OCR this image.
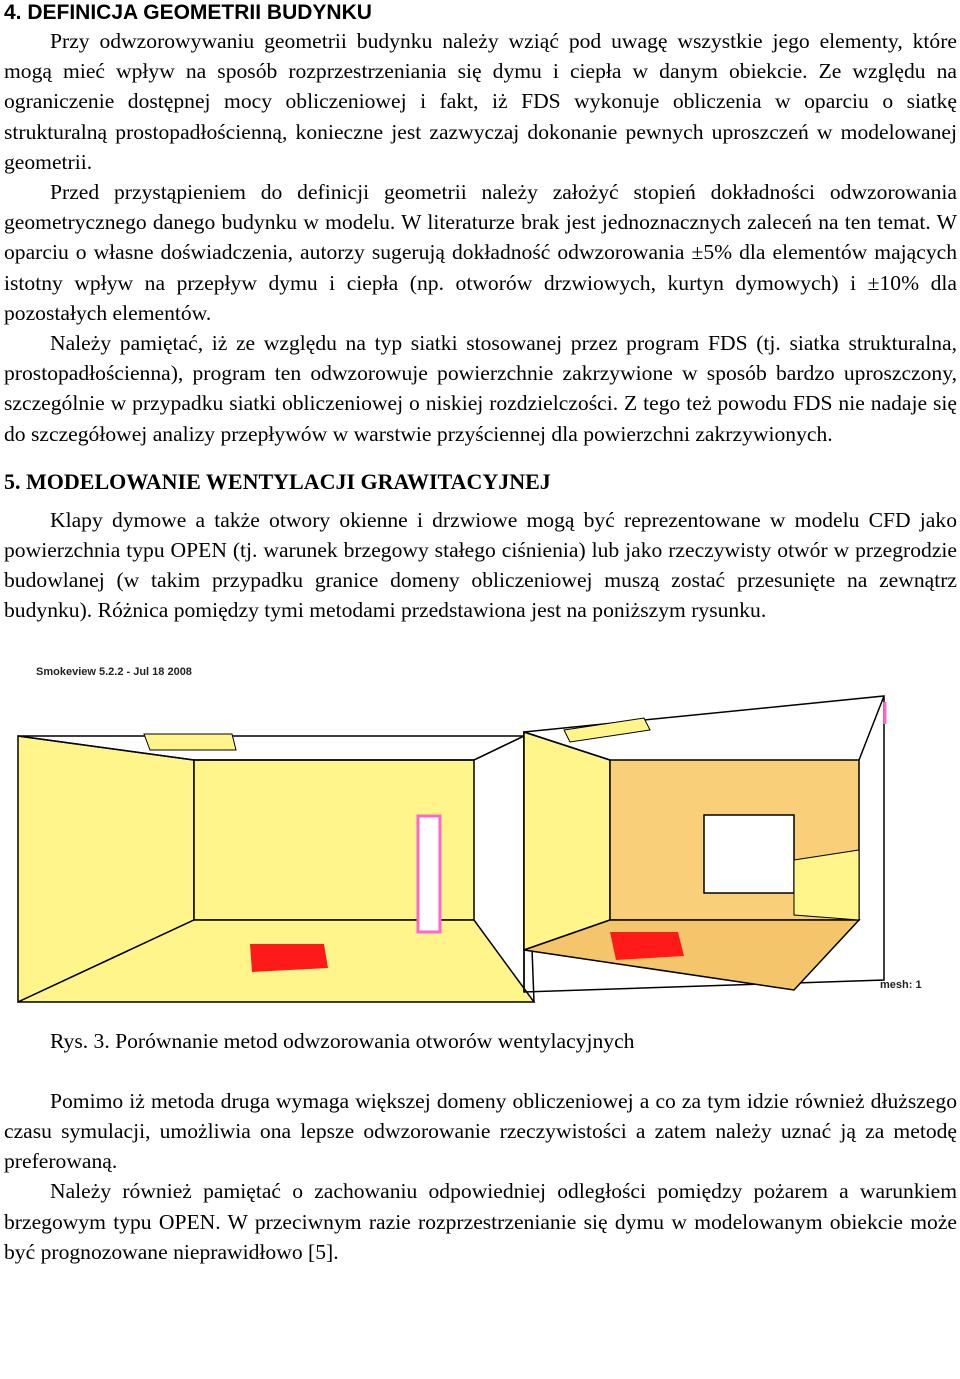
4. DEFINICJA GEOMETRII BUDYNKU

Przy odwzorowywaniu geometrii budynku należy wziąć pod uwagę wszystkie jego elementy, które mogą mieć wpływ na sposób rozprzestrzeniania się dymu i ciepła w danym obiekcie. Ze względu na ograniczenie dostępnej mocy obliczeniowej i fakt, iż FDS wykonuje obliczenia w oparciu o siatkę strukturalną prostopadłościenną, konieczne jest zazwyczaj dokonanie pewnych uproszczeń w modelowanej geometrii.

Przed przystąpieniem do definicji geometrii należy założyć stopień dokładności odwzorowania geometrycznego danego budynku w modelu. W literaturze brak jest jednoznacznych zaleceń na ten temat. W oparciu o własne doświadczenia, autorzy sugerują dokładność odwzorowania ±5% dla elementów mających istotny wpływ na przepływ dymu i ciepła (np. otworów drzwiowych, kurtyn dymowych) i ±10% dla pozostałych elementów.

Należy pamiętać, iż ze względu na typ siatki stosowanej przez program FDS (tj. siatka strukturalna, prostopadłościenna), program ten odwzorowuje powierzchnie zakrzywione w sposób bardzo uproszczony, szczególnie w przypadku siatki obliczeniowej o niskiej rozdzielczości. Z tego też powodu FDS nie nadaje się do szczegółowej analizy przepływów w warstwie przyściennej dla powierzchni zakrzywionych.

5. MODELOWANIE WENTYLACJI GRAWITACYJNEJ

Klapy dymowe a także otwory okienne i drzwiowe mogą być reprezentowane w modelu CFD jako powierzchnia typu OPEN (tj. warunek brzegowy stałego ciśnienia) lub jako rzeczywisty otwór w przegrodzie budowlanej (w takim przypadku granice domeny obliczeniowej muszą zostać przesunięte na zewnątrz budynku). Różnica pomiędzy tymi metodami przedstawiona jest na poniższym rysunku.

Smokeview 5.2.2 - Jul 18 2008
mesh: 1

Rys. 3. Porównanie metod odwzorowania otworów wentylacyjnych

Pomimo iż metoda druga wymaga większej domeny obliczeniowej a co za tym idzie również dłuższego czasu symulacji, umożliwia ona lepsze odwzorowanie rzeczywistości a zatem należy uznać ją za metodę preferowaną.

Należy również pamiętać o zachowaniu odpowiedniej odległości pomiędzy pożarem a warunkiem brzegowym typu OPEN. W przeciwnym razie rozprzestrzenianie się dymu w modelowanym obiekcie może być prognozowane nieprawidłowo [5].
